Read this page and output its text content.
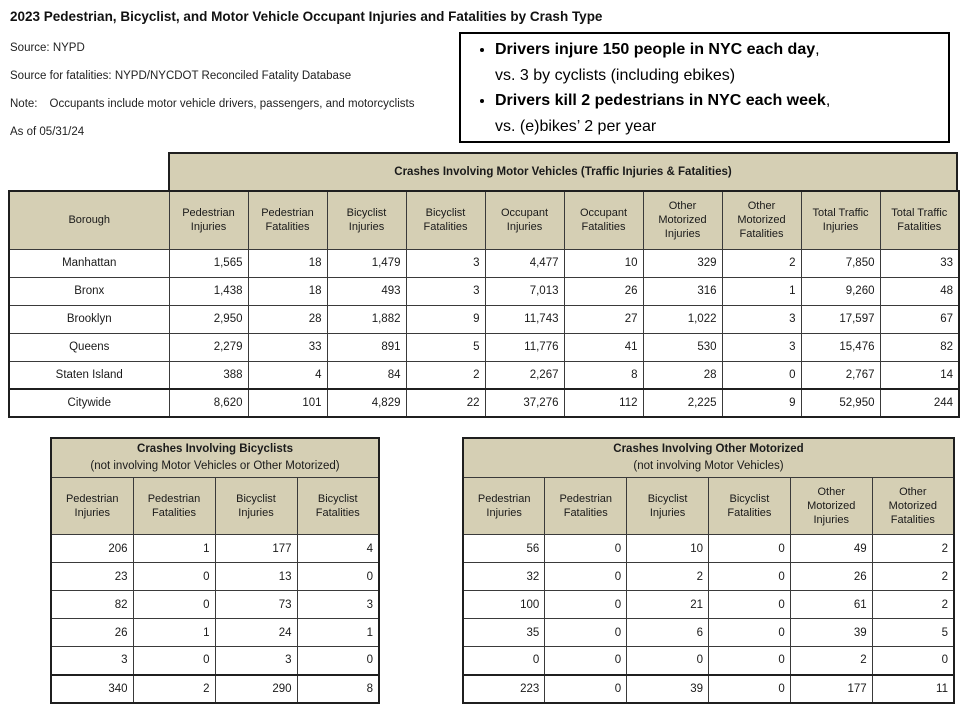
2023 Pedestrian, Bicyclist, and Motor Vehicle Occupant Injuries and Fatalities by Crash Type
Source: NYPD
Source for fatalities: NYPD/NYCDOT Reconciled Fatality Database
Note: Occupants include motor vehicle drivers, passengers, and motorcyclists
As of 05/31/24
• Drivers injure 150 people in NYC each day,
vs. 3 by cyclists (including ebikes)
• Drivers kill 2 pedestrians in NYC each week,
vs. (e)bikes’ 2 per year
Crashes Involving Motor Vehicles (Traffic Injuries & Fatalities)
Borough	Pedestrian Injuries	Pedestrian Fatalities	Bicyclist Injuries	Bicyclist Fatalities	Occupant Injuries	Occupant Fatalities	Other Motorized Injuries	Other Motorized Fatalities	Total Traffic Injuries	Total Traffic Fatalities
Manhattan	1,565	18	1,479	3	4,477	10	329	2	7,850	33
Bronx	1,438	18	493	3	7,013	26	316	1	9,260	48
Brooklyn	2,950	28	1,882	9	11,743	27	1,022	3	17,597	67
Queens	2,279	33	891	5	11,776	41	530	3	15,476	82
Staten Island	388	4	84	2	2,267	8	28	0	2,767	14
Citywide	8,620	101	4,829	22	37,276	112	2,225	9	52,950	244
Crashes Involving Bicyclists
(not involving Motor Vehicles or Other Motorized)			

Pedestrian Injuries	Pedestrian Fatalities	Bicyclist Injuries	Bicyclist Fatalities
206	1	177	4
23	0	13	0
82	0	73	3
26	1	24	1
3	0	3	0
340	2	290	8
Crashes Involving Other Motorized
(not involving Motor Vehicles)					

Pedestrian Injuries	Pedestrian Fatalities	Bicyclist Injuries	Bicyclist Fatalities	Other Motorized Injuries	Other Motorized Fatalities
56	0	10	0	49	2
32	0	2	0	26	2
100	0	21	0	61	2
35	0	6	0	39	5
0	0	0	0	2	0
223	0	39	0	177	11
